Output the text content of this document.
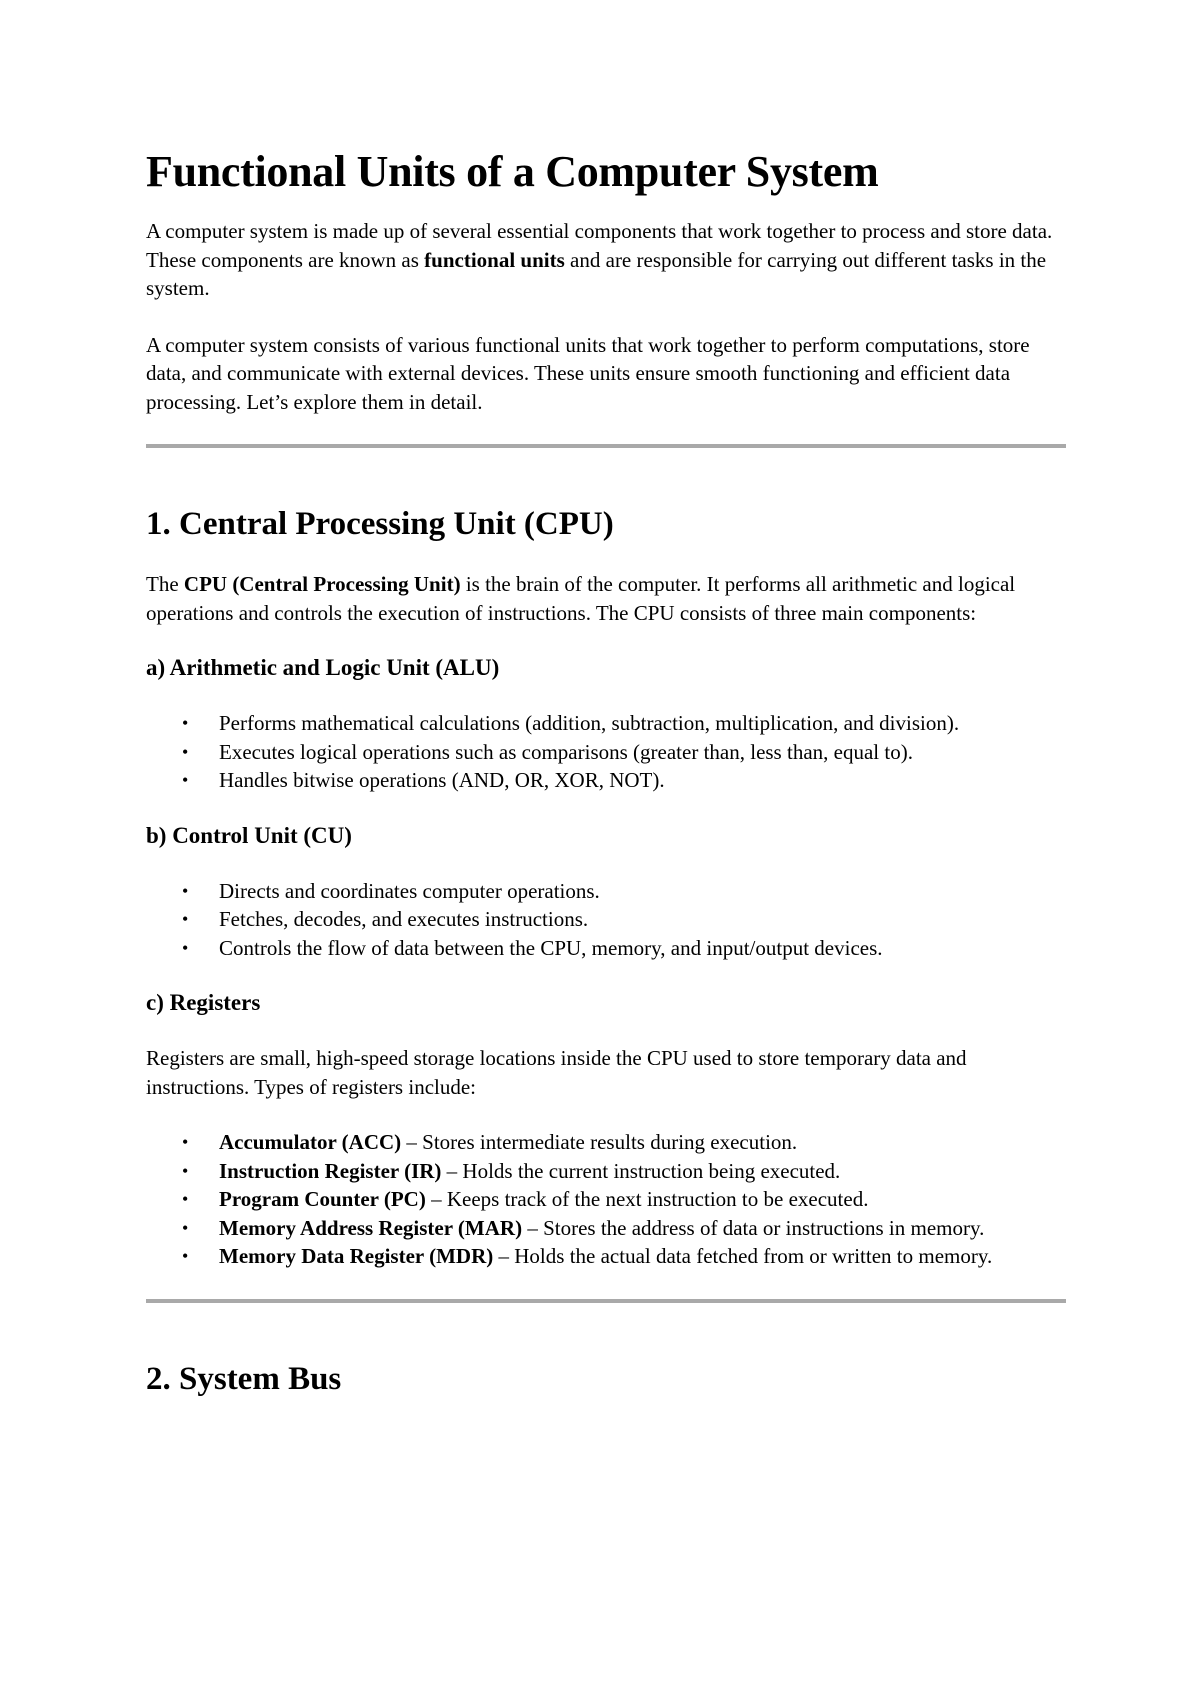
Functional Units of a Computer System

A computer system is made up of several essential components that work together to process and store data. These components are known as functional units and are responsible for carrying out different tasks in the system.

A computer system consists of various functional units that work together to perform computations, store data, and communicate with external devices. These units ensure smooth functioning and efficient data processing. Let’s explore them in detail.

1. Central Processing Unit (CPU)

The CPU (Central Processing Unit) is the brain of the computer. It performs all arithmetic and logical operations and controls the execution of instructions. The CPU consists of three main components:

a) Arithmetic and Logic Unit (ALU)
• Performs mathematical calculations (addition, subtraction, multiplication, and division).
• Executes logical operations such as comparisons (greater than, less than, equal to).
• Handles bitwise operations (AND, OR, XOR, NOT).
b) Control Unit (CU)
• Directs and coordinates computer operations.
• Fetches, decodes, and executes instructions.
• Controls the flow of data between the CPU, memory, and input/output devices.
c) Registers

Registers are small, high-speed storage locations inside the CPU used to store temporary data and instructions. Types of registers include:

• Accumulator (ACC) – Stores intermediate results during execution.
• Instruction Register (IR) – Holds the current instruction being executed.
• Program Counter (PC) – Keeps track of the next instruction to be executed.
• Memory Address Register (MAR) – Stores the address of data or instructions in memory.
• Memory Data Register (MDR) – Holds the actual data fetched from or written to memory.
2. System Bus
